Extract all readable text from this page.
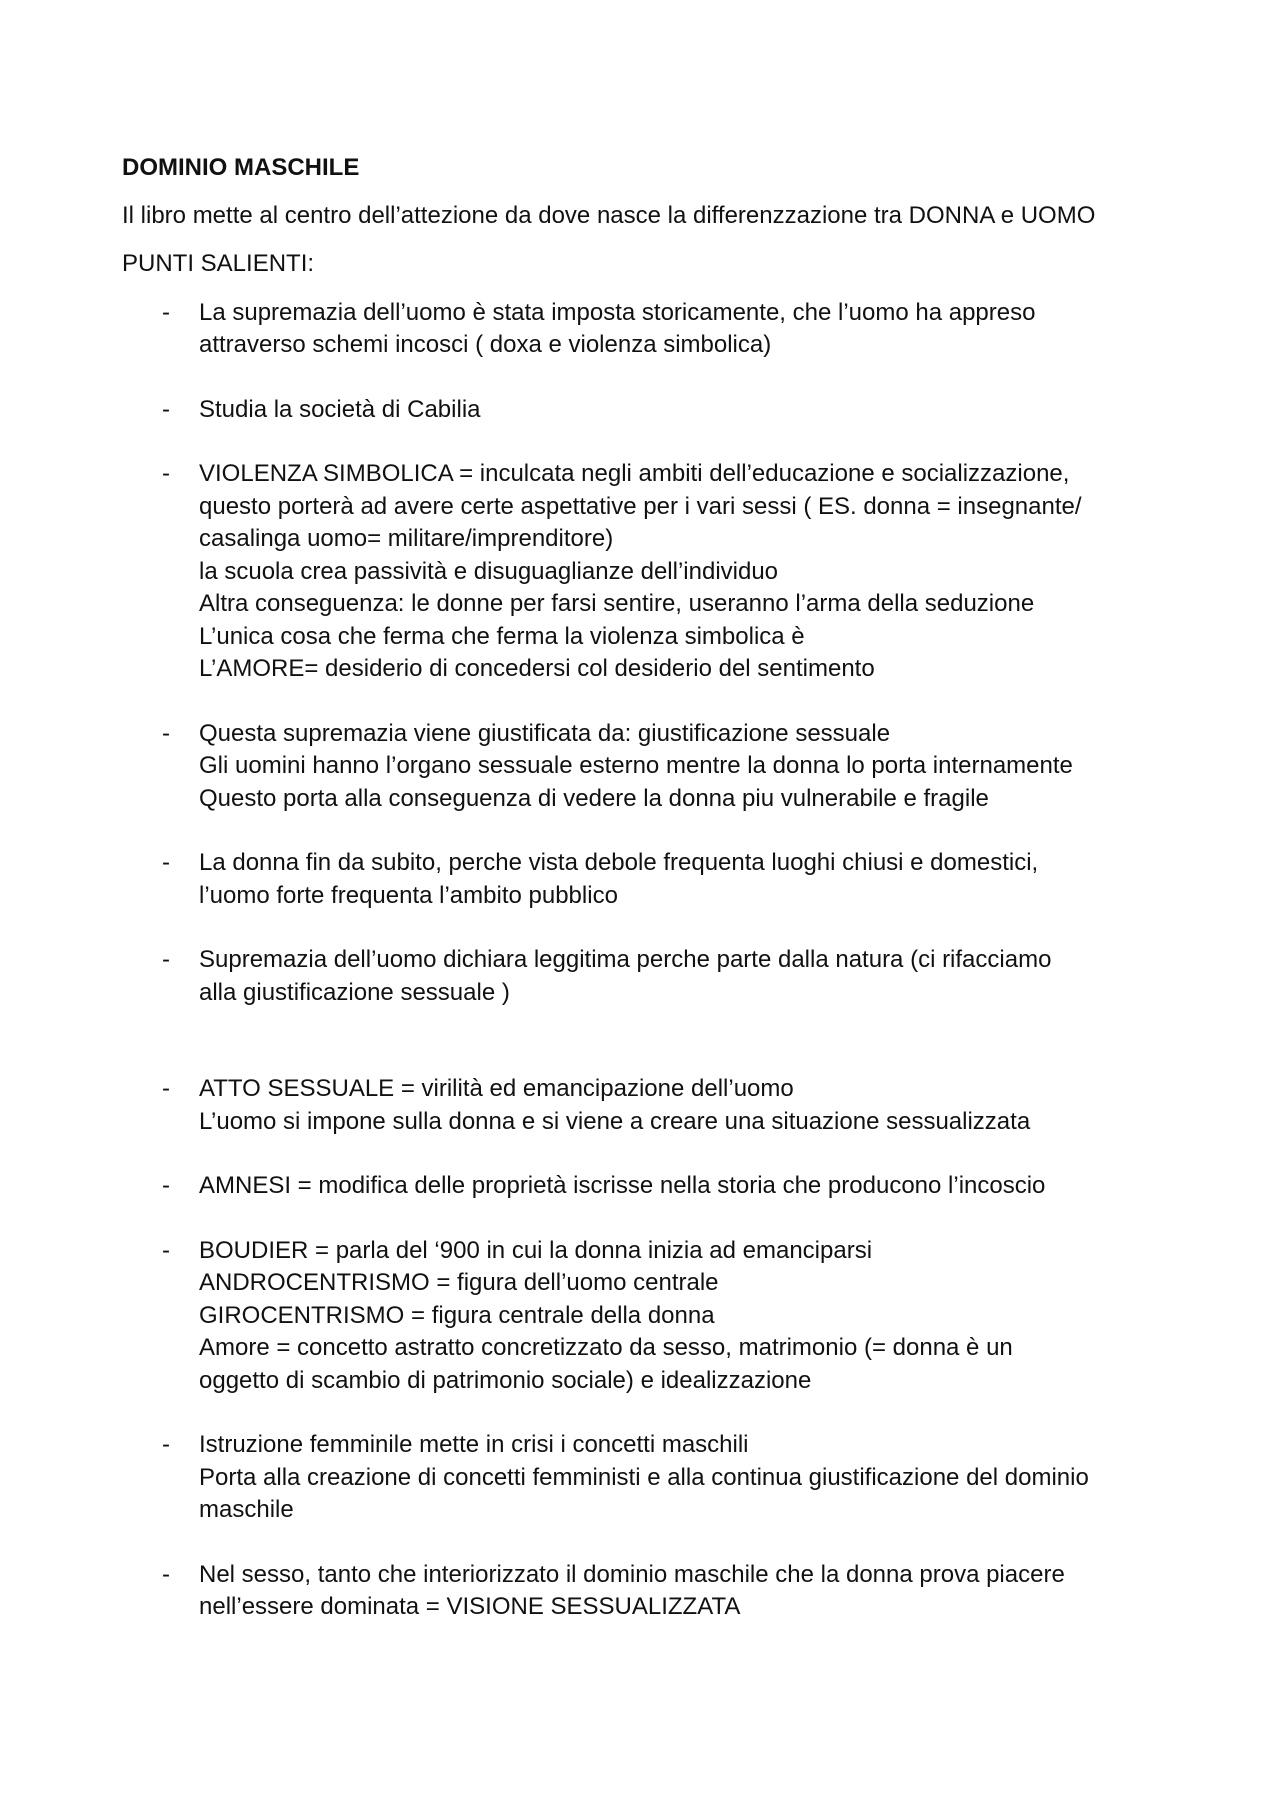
DOMINIO MASCHILE
Il libro mette al centro dell’attezione da dove nasce la differenzzazione tra DONNA e UOMO
PUNTI SALIENTI:
- La supremazia dell’uomo è stata imposta storicamente, che l’uomo ha appreso
attraverso schemi incosci ( doxa e violenza simbolica)
- Studia la società di Cabilia
- VIOLENZA SIMBOLICA = inculcata negli ambiti dell’educazione e socializzazione,
questo porterà ad avere certe aspettative per i vari sessi ( ES. donna = insegnante/
casalinga uomo= militare/imprenditore)
la scuola crea passività e disuguaglianze dell’individuo
Altra conseguenza: le donne per farsi sentire, useranno l’arma della seduzione
L’unica cosa che ferma che ferma la violenza simbolica è
L’AMORE= desiderio di concedersi col desiderio del sentimento
- Questa supremazia viene giustificata da: giustificazione sessuale
Gli uomini hanno l’organo sessuale esterno mentre la donna lo porta internamente
Questo porta alla conseguenza di vedere la donna piu vulnerabile e fragile
- La donna fin da subito, perche vista debole frequenta luoghi chiusi e domestici,
l’uomo forte frequenta l’ambito pubblico
- Supremazia dell’uomo dichiara leggitima perche parte dalla natura (ci rifacciamo
alla giustificazione sessuale )
- ATTO SESSUALE = virilità ed emancipazione dell’uomo
L’uomo si impone sulla donna e si viene a creare una situazione sessualizzata
- AMNESI = modifica delle proprietà iscrisse nella storia che producono l’incoscio
- BOUDIER = parla del ‘900 in cui la donna inizia ad emanciparsi
ANDROCENTRISMO = figura dell’uomo centrale
GIROCENTRISMO = figura centrale della donna
Amore = concetto astratto concretizzato da sesso, matrimonio (= donna è un
oggetto di scambio di patrimonio sociale) e idealizzazione
- Istruzione femminile mette in crisi i concetti maschili
Porta alla creazione di concetti femministi e alla continua giustificazione del dominio
maschile
- Nel sesso, tanto che interiorizzato il dominio maschile che la donna prova piacere
nell’essere dominata = VISIONE SESSUALIZZATA
